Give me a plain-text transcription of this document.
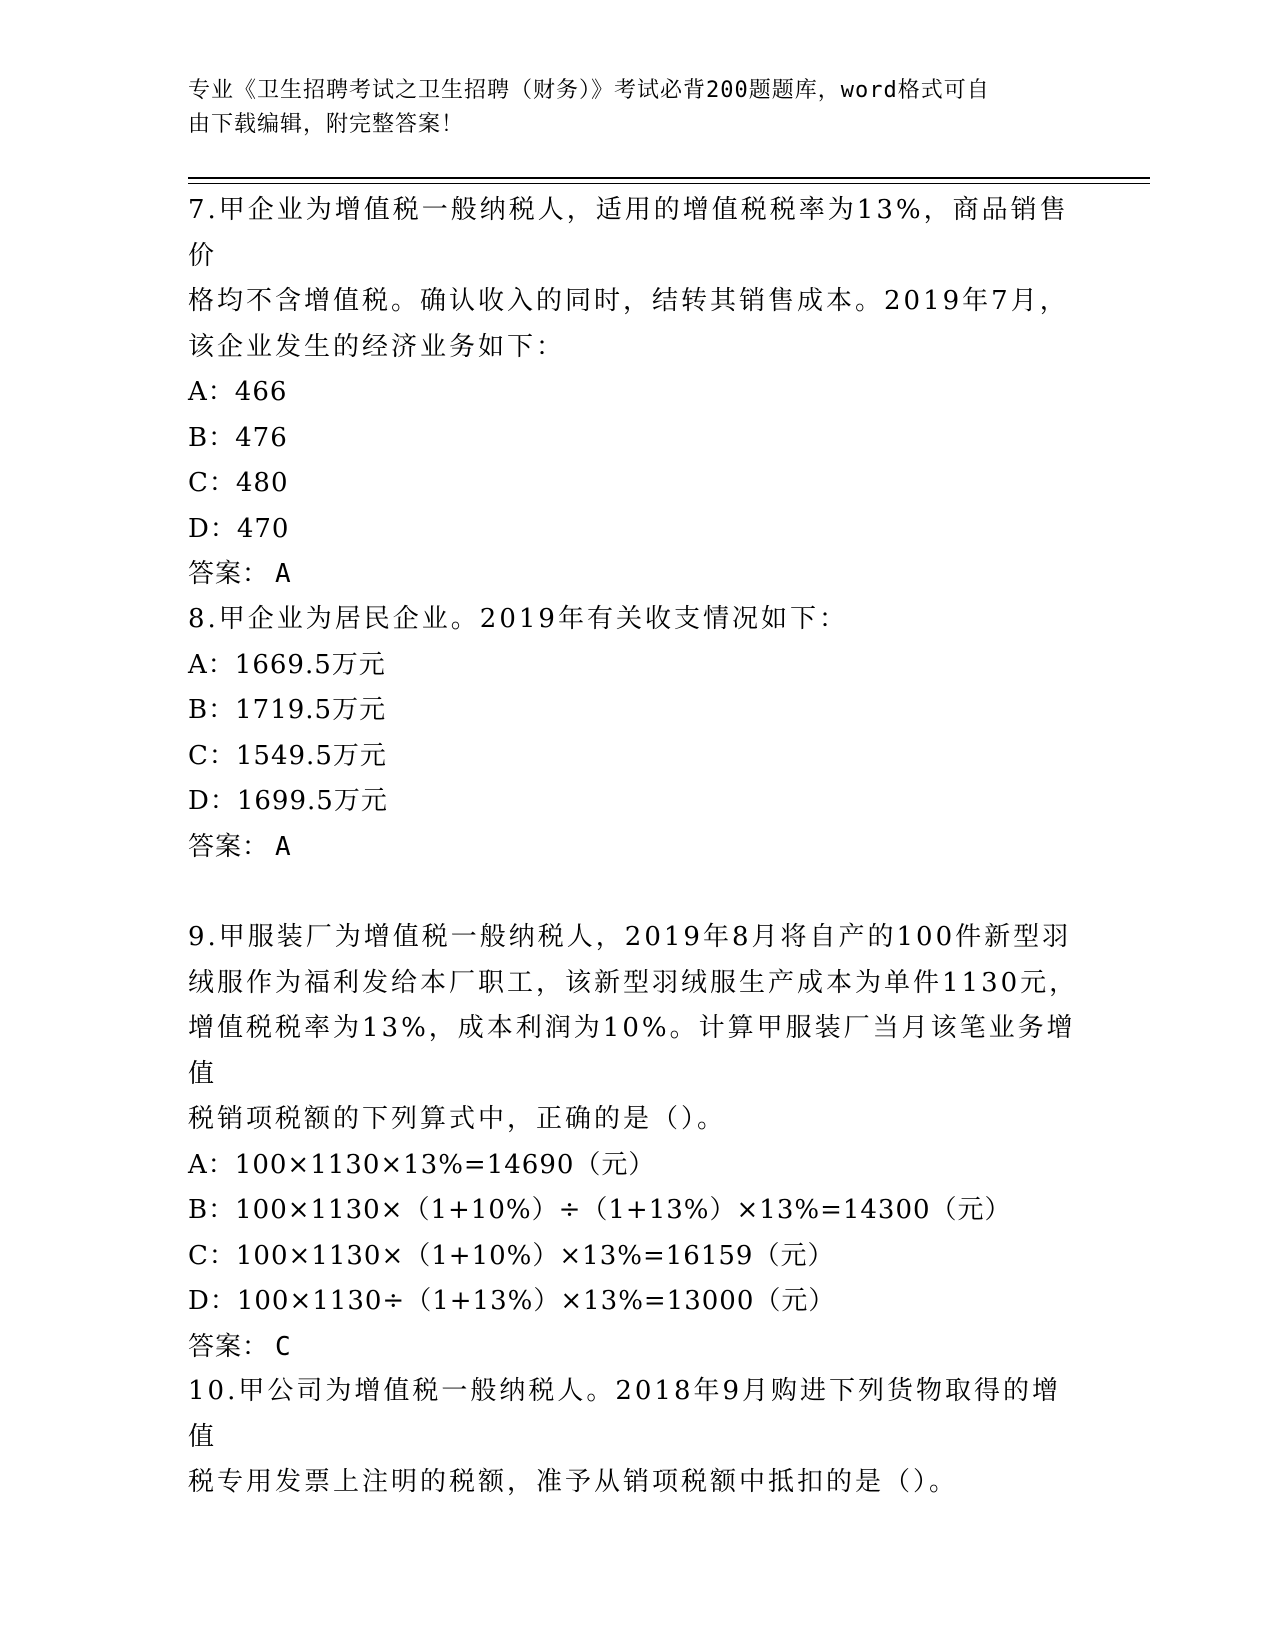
专业《卫生招聘考试之卫生招聘（财务）》考试必背200题题库，word格式可自
由下载编辑，附完整答案！
7.甲企业为增值税一般纳税人，适用的增值税税率为13%，商品销售价
格均不含增值税。确认收入的同时，结转其销售成本。2019年7月，
该企业发生的经济业务如下：
A：466
B：476
C：480
D：470
答案： A
8.甲企业为居民企业。2019年有关收支情况如下：
A：1669.5万元
B：1719.5万元
C：1549.5万元
D：1699.5万元
答案： A
9.甲服装厂为增值税一般纳税人，2019年8月将自产的100件新型羽
绒服作为福利发给本厂职工，该新型羽绒服生产成本为单件1130元，
增值税税率为13%，成本利润为10%。计算甲服装厂当月该笔业务增值
税销项税额的下列算式中，正确的是（）。
A：100×1130×13%=14690（元）
B：100×1130×（1+10%）÷（1+13%）×13%=14300（元）
C：100×1130×（1+10%）×13%=16159（元）
D：100×1130÷（1+13%）×13%=13000（元）
答案： C
10.甲公司为增值税一般纳税人。2018年9月购进下列货物取得的增值
税专用发票上注明的税额，准予从销项税额中抵扣的是（）。
